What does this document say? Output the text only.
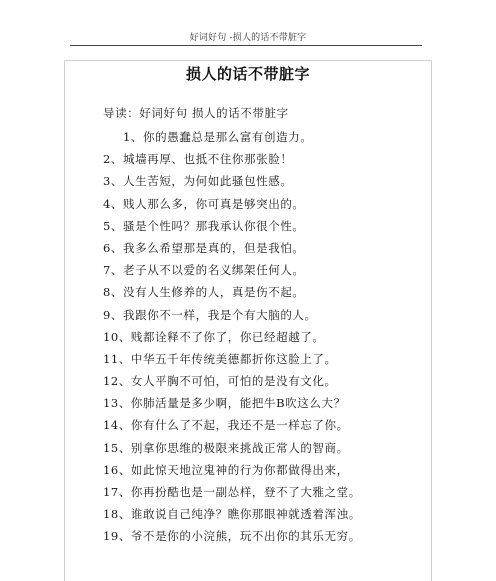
好词好句 -损人的话不带脏字
损人的话不带脏字
导读：好词好句 损人的话不带脏字
1、你的愚蠢总是那么富有创造力。
2、城墙再厚、也抵不住你那张脸！
3、人生苦短，为何如此骚包性感。
4、贱人那么多，你可真是够突出的。
5、骚是个性吗？那我承认你很个性。
6、我多么希望那是真的，但是我怕。
7、老子从不以爱的名义绑架任何人。
8、没有人生修养的人，真是伤不起。
9、我跟你不一样，我是个有大脑的人。
10、贱都诠释不了你了，你已经超越了。
11、中华五千年传统美德都折你这脸上了。
12、女人平胸不可怕，可怕的是没有文化。
13、你肺活量是多少啊，能把牛B吹这么大？
14、你有什么了不起，我还不是一样忘了你。
15、别拿你思维的极限来挑战正常人的智商。
16、如此惊天地泣鬼神的行为你都做得出来，
17、你再扮酷也是一副怂样，登不了大雅之堂。
18、谁敢说自己纯净？瞧你那眼神就透着浑浊。
19、爷不是你的小浣熊，玩不出你的其乐无穷。
